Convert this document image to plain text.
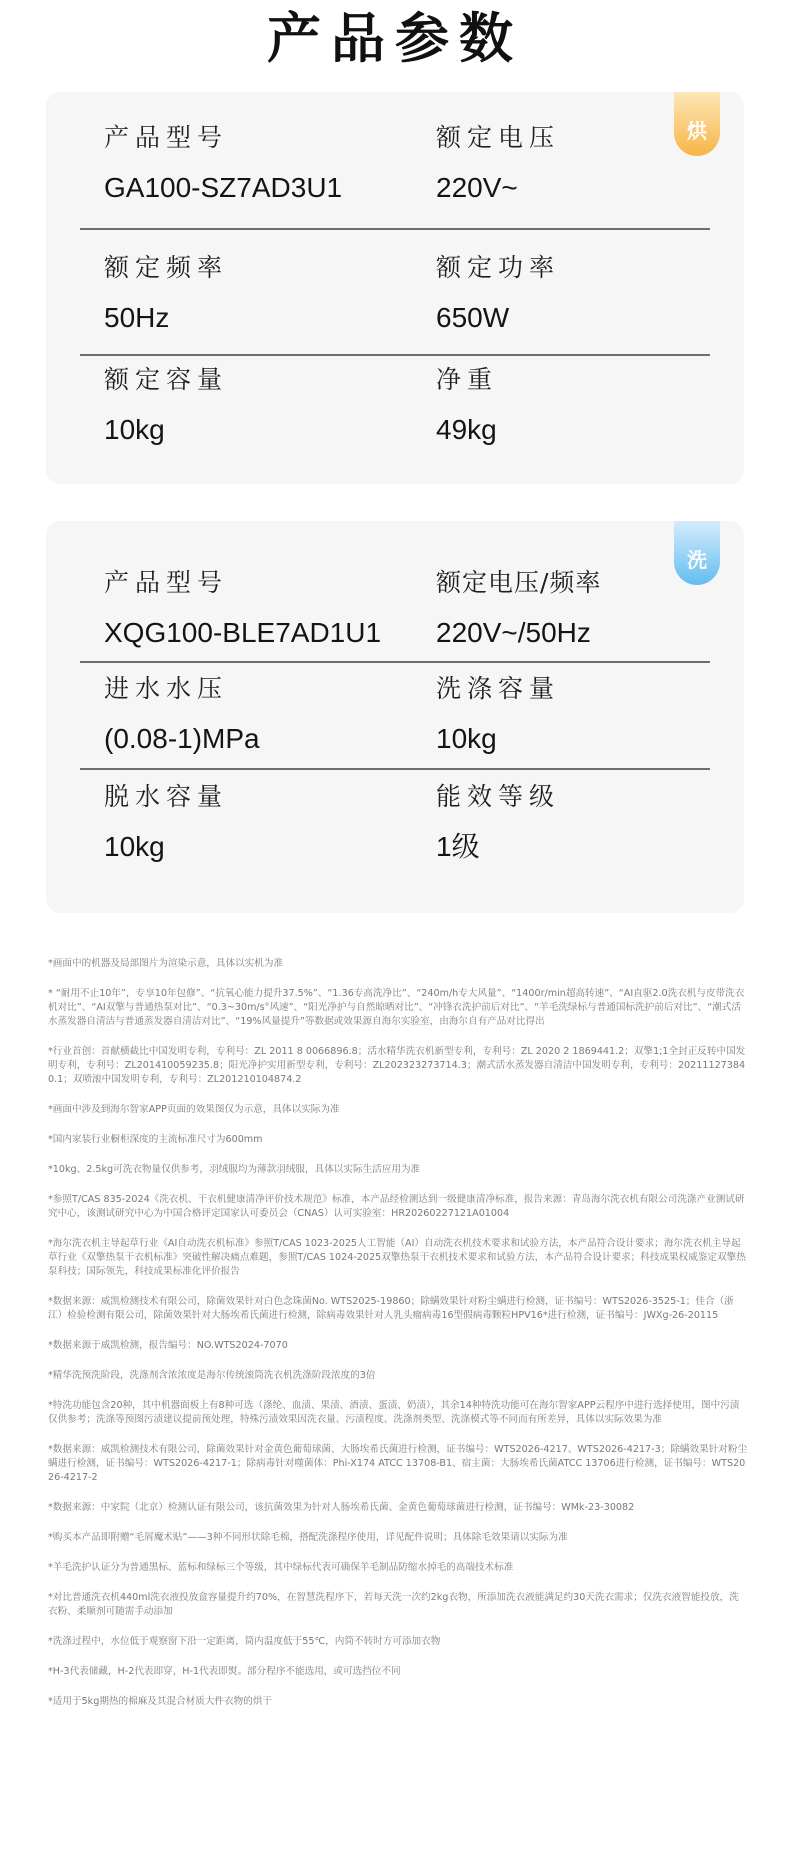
产品参数
烘
产品型号
GA100-SZ7AD3U1
额定电压
220V~
额定频率
50Hz
额定功率
650W
额定容量
10kg
净重
49kg
洗
产品型号
XQG100-BLE7AD1U1
额定电压/频率
220V~/50Hz
进水水压
(0.08-1)MPa
洗涤容量
10kg
脱水容量
10kg
能效等级
1级

*画面中的机器及局部图片为渲染示意，具体以实机为准

* “耐用不止10年”，专享10年包修”、“抗氧心能力提升37.5%”、“1.36专高洗净比”、“240m/h专大风量”、“1400r/min超高转速”、“AI直驱2.0洗衣机与皮带洗衣机对比”、“AI双擎与普通热泵对比”、“0.3~30m/s°风速”、“阳光净护与自然晾晒对比”、“冲锋衣洗护前后对比”、“羊毛洗绿标与普通国标洗护前后对比”、“潮式活水蒸发器自清洁与普通蒸发器自清洁对比”、“19%风量提升”等数据或效果源自海尔实验室，由海尔自有产品对比得出

*行业首创：首献横截比中国发明专利，专利号：ZL 2011 8 0066896.8；活水精华洗衣机新型专利，专利号：ZL 2020 2 1869441.2；双擎1;1全封正反转中国发明专利，专利号：ZL201410059235.8；阳光净护实用新型专利，专利号：ZL202323273714.3；潮式活水蒸发器自清洁中国发明专利，专利号：202111273840.1；双喷滚中国发明专利，专利号：ZL201210104874.2

*画面中涉及到海尔智家APP页面的效果图仅为示意，具体以实际为准

*国内家装行业橱柜深度的主流标准尺寸为600mm

*10kg、2.5kg可洗衣物量仅供参考，羽绒服均为薄款羽绒服，具体以实际生活应用为准

*参照T/CAS 835-2024《洗衣机、干衣机健康清净评价技术规范》标准，本产品经检测达到一级健康清净标准，报告来源：青岛海尔洗衣机有限公司洗涤产业测试研究中心，该测试研究中心为中国合格评定国家认可委员会（CNAS）认可实验室：HR20260227121A01004

*海尔洗衣机主导起草行业《AI自动洗衣机标准》参照T/CAS 1023-2025人工智能（AI）自动洗衣机技术要求和试验方法，本产品符合设计要求；海尔洗衣机主导起草行业《双擎热泵干衣机标准》突破性解决痛点难题，参照T/CAS 1024-2025双擎热泵干衣机技术要求和试验方法，本产品符合设计要求；科技成果权威鉴定双擎热泵科技；国际领先，科技成果标准化评价报告

*数据来源：威凯检测技术有限公司，除菌效果针对白色念珠菌No. WTS2025-19860；除螨效果针对粉尘螨进行检测，证书编号：WTS2026-3525-1；佳合（浙江）检验检测有限公司，除菌效果针对大肠埃希氏菌进行检测，除病毒效果针对人乳头瘤病毒16型假病毒颗粒HPV16*进行检测，证书编号：JWXg-26-20115

*数据来源于威凯检测，报告编号：NO.WTS2024-7070

*精华洗预洗阶段，洗涤剂含浓浓度是海尔传统滚筒洗衣机洗涤阶段浓度的3倍

*特洗功能包含20种，其中机器面板上有8种可选（涤纶、血渍、果渍、酒渍、蛋渍、奶渍），其余14种特洗功能可在海尔智家APP云程序中进行选择使用，图中污渍仅供参考；洗涤等预图污渍建议提前预处理，特殊污渍效果因洗衣量、污渍程度、洗涤剂类型、洗涤模式等不同而有所差异，具体以实际效果为准

*数据来源：威凯检测技术有限公司，除菌效果针对金黄色葡萄球菌、大肠埃希氏菌进行检测，证书编号：WTS2026-4217、WTS2026-4217-3；除螨效果针对粉尘螨进行检测，证书编号：WTS2026-4217-1；除病毒针对噬菌体：Phi-X174 ATCC 13708-B1、宿主菌：大肠埃希氏菌ATCC 13706进行检测，证书编号：WTS2026-4217-2

*数据来源：中家院（北京）检测认证有限公司，该抗菌效果为针对人肠埃希氏菌、金黄色葡萄球菌进行检测，证书编号：WMk-23-30082

*购买本产品即附赠“毛屑魔术贴”——3种不同形状除毛棉，搭配洗涤程序使用，详见配件说明；具体除毛效果请以实际为准

*羊毛洗护认证分为普通黑标、蓝标和绿标三个等级，其中绿标代表可确保羊毛制品防缩水掉毛的高端技术标准

*对比普通洗衣机440ml洗衣液投放盒容量提升约70%，在智慧洗程序下，若每天洗一次约2kg衣物，所添加洗衣液能满足约30天洗衣需求；仅洗衣液智能投放，洗衣粉、柔顺剂可随需手动添加

*洗涤过程中，水位低于观察窗下沿一定距离，筒内温度低于55℃，内筒不转时方可添加衣物

*H-3代表储藏，H-2代表即穿，H-1代表即熨。部分程序不能选用，或可选挡位不同

*适用于5kg期热的棉麻及其混合材质大件衣物的烘干
